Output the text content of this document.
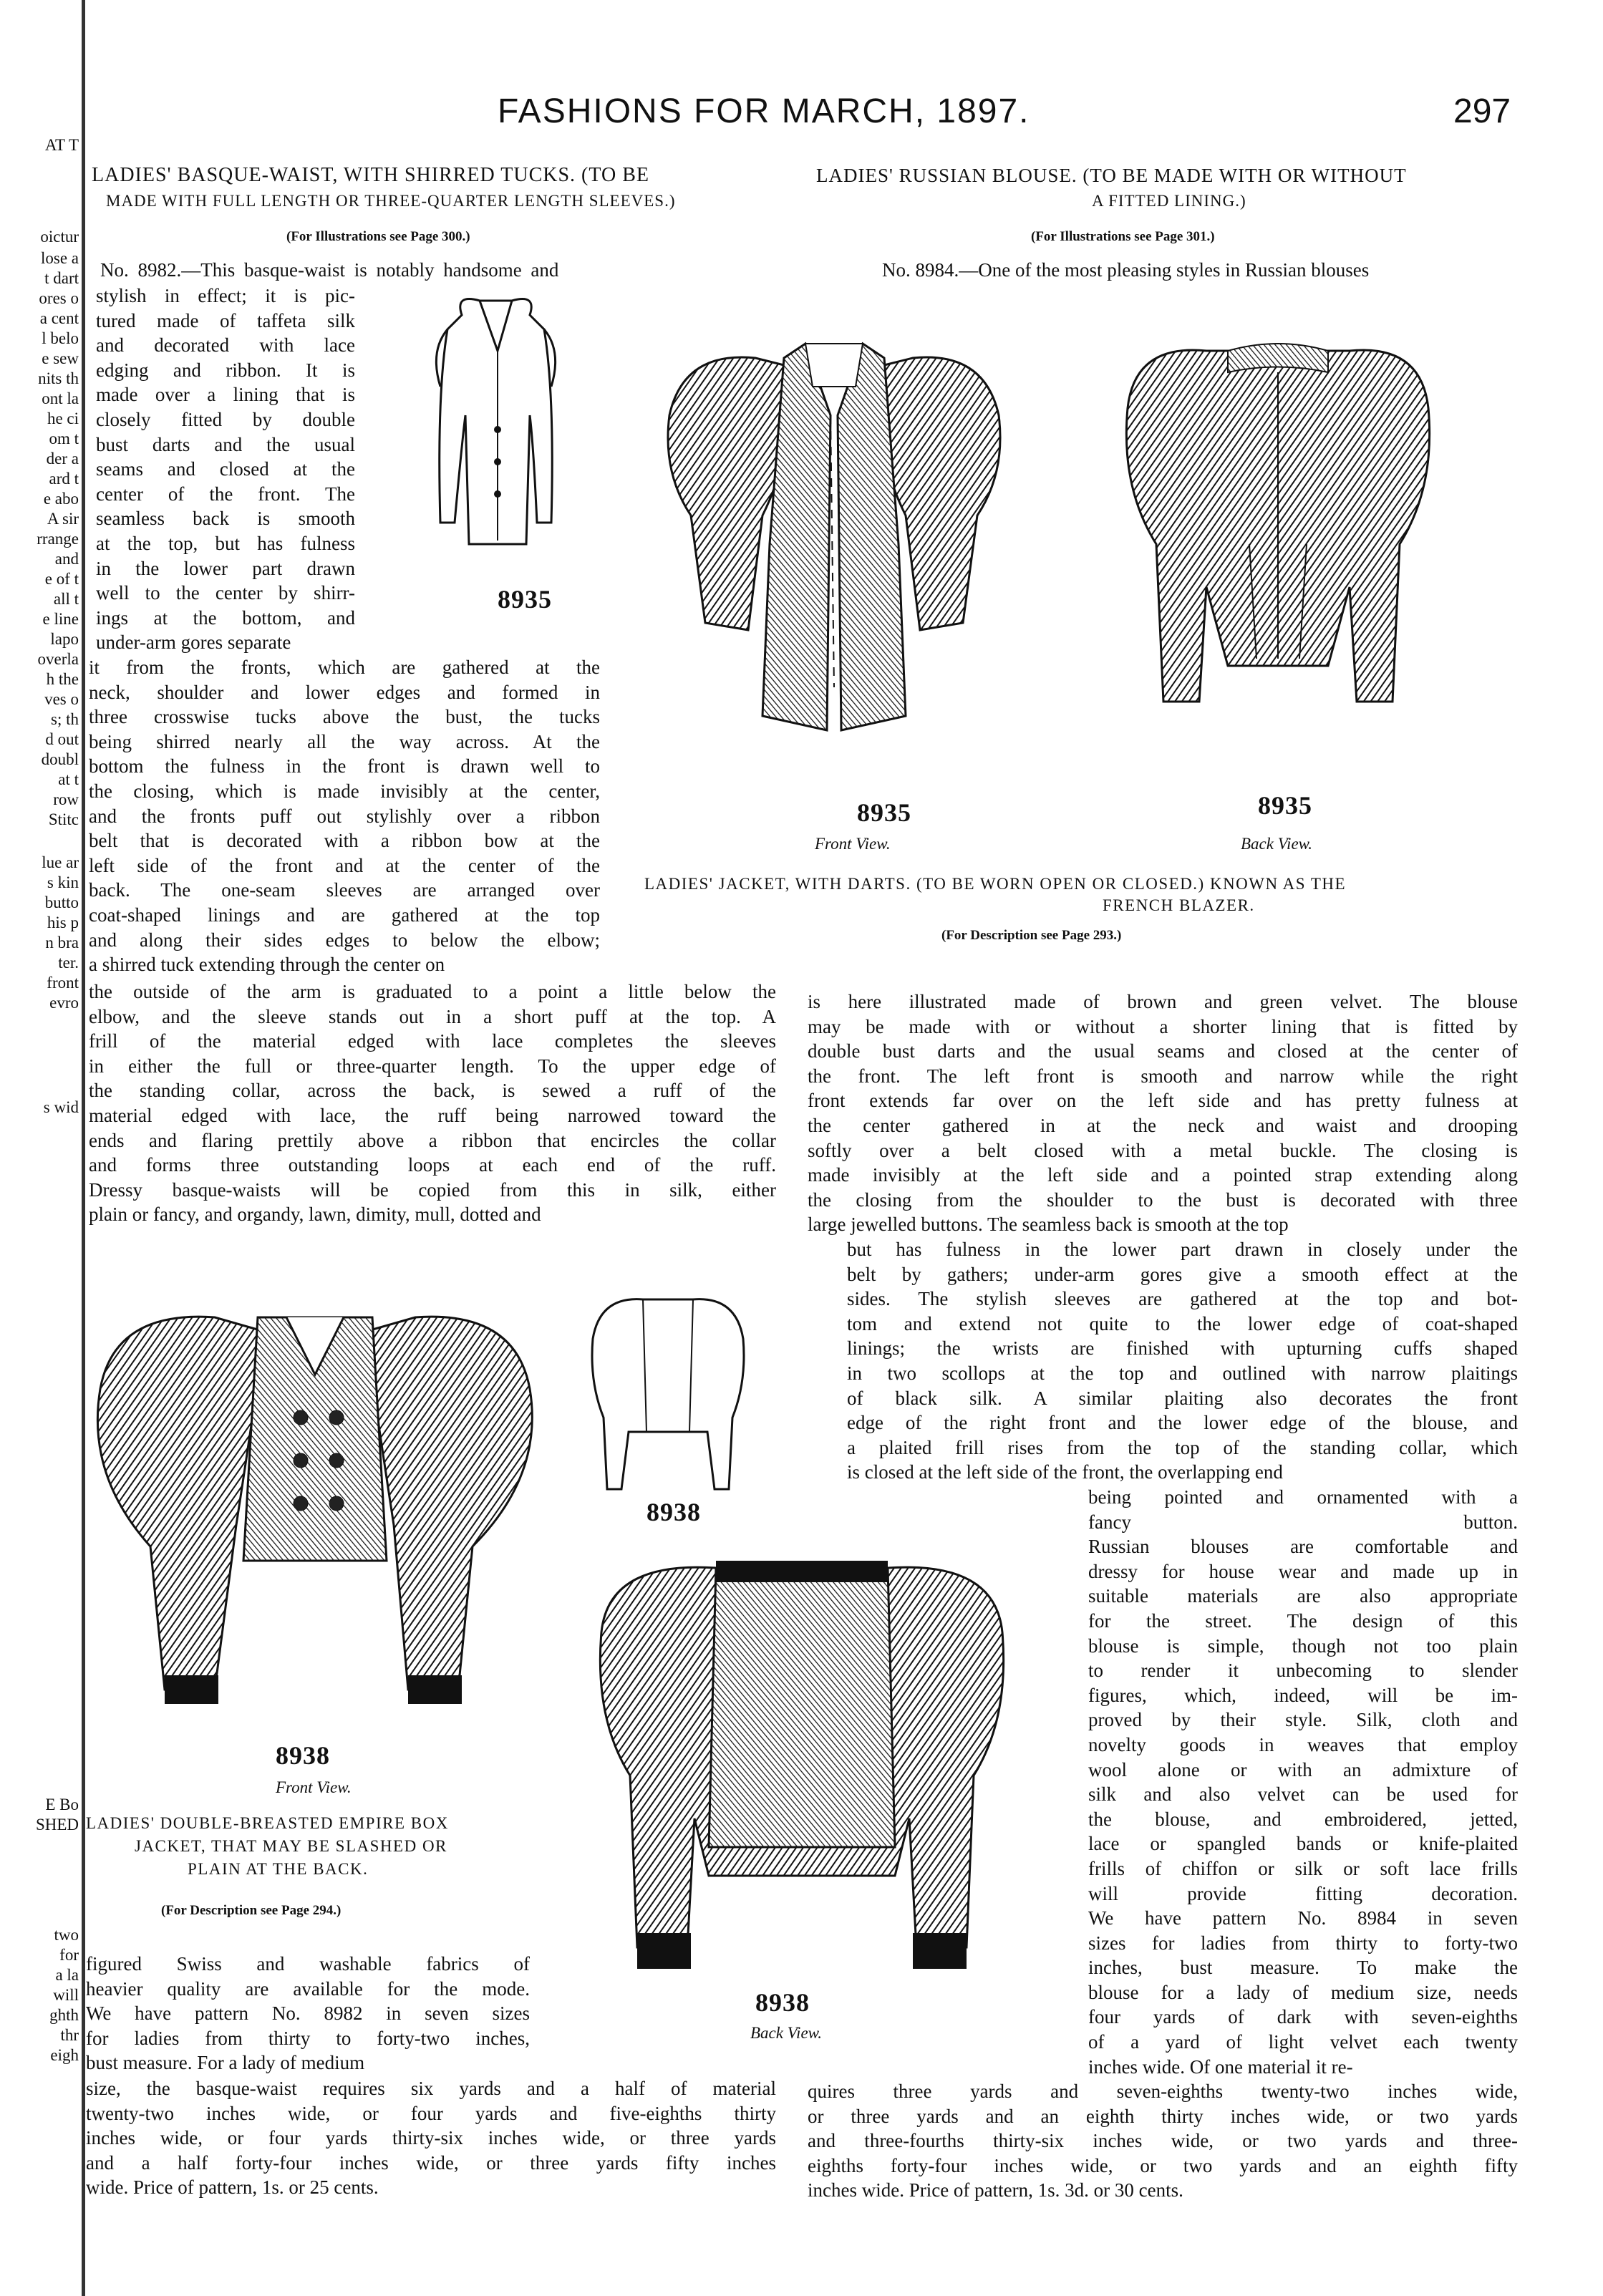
AT T
oictur
lose a
t dart
ores o
a cent
l belo
e sew
nits th
ont la
he ci
om t
der a
ard t
e abo
A sir
rrange
and
e of t
all t
e line
lapo
overla
h the
ves o
s; th
d out
doubl
at t
row
Stitc
lue ar
s kin
butto
his p
n bra
ter.
front
evro
E Bo
SHED
two
for
a la
will
ghth
thr
eigh
s wid
FASHIONS FOR MARCH, 1897.	297
LADIES' BASQUE-WAIST, WITH SHIRRED TUCKS. (TO BE
MADE WITH FULL LENGTH OR THREE-QUARTER LENGTH SLEEVES.)
(For Illustrations see Page 300.)
No. 8982.—This basque-waist is notably handsome and
stylish in effect; it is pic-
tured made of taffeta silk
and decorated with lace
edging and ribbon. It is
made over a lining that is
closely fitted by double
bust darts and the usual
seams and closed at the
center of the front. The
seamless back is smooth
at the top, but has fulness
in the lower part drawn
well to the center by shirr-
ings at the bottom, and
under-arm gores separate
it from the fronts, which are gathered at the
neck, shoulder and lower edges and formed in
three crosswise tucks above the bust, the tucks
being shirred nearly all the way across. At the
bottom the fulness in the front is drawn well to
the closing, which is made invisibly at the center,
and the fronts puff out stylishly over a ribbon
belt that is decorated with a ribbon bow at the
left side of the front and at the center of the
back. The one-seam sleeves are arranged over
coat-shaped linings and are gathered at the top
and along their sides edges to below the elbow;
a shirred tuck extending through the center on
the outside of the arm is graduated to a point a little below the
elbow, and the sleeve stands out in a short puff at the top. A
frill of the material edged with lace completes the sleeves
in either the full or three-quarter length. To the upper edge of
the standing collar, across the back, is sewed a ruff of the
material edged with lace, the ruff being narrowed toward the
ends and flaring prettily above a ribbon that encircles the collar
and forms three outstanding loops at each end of the ruff.
Dressy basque-waists will be copied from this in silk, either
plain or fancy, and organdy, lawn, dimity, mull, dotted and
LADIES' RUSSIAN BLOUSE. (TO BE MADE WITH OR WITHOUT
A FITTED LINING.)
(For Illustrations see Page 301.)
No. 8984.—One of the most pleasing styles in Russian blouses
8935
8935
Front View.
8935
Back View.
LADIES' JACKET, WITH DARTS. (TO BE WORN OPEN OR CLOSED.) KNOWN AS THE
FRENCH BLAZER.
(For Description see Page 293.)
is here illustrated made of brown and green velvet. The blouse
may be made with or without a shorter lining that is fitted by
double bust darts and the usual seams and closed at the center of
the front. The left front is smooth and narrow while the right
front extends far over on the left side and has pretty fulness at
the center gathered in at the neck and waist and drooping
softly over a belt closed with a metal buckle. The closing is
made invisibly at the left side and a pointed strap extending along
the closing from the shoulder to the bust is decorated with three
large jewelled buttons. The seamless back is smooth at the top
but has fulness in the lower part drawn in closely under the
belt by gathers; under-arm gores give a smooth effect at the
sides. The stylish sleeves are gathered at the top and bot-
tom and extend not quite to the lower edge of coat-shaped
linings; the wrists are finished with upturning cuffs shaped
in two scollops at the top and outlined with narrow plaitings
of black silk. A similar plaiting also decorates the front
edge of the right front and the lower edge of the blouse, and
a plaited frill rises from the top of the standing collar, which
is closed at the left side of the front, the overlapping end
being pointed and ornamented with a
fancy button.
Russian blouses are comfortable and
dressy for house wear and made up in
suitable materials are also appropriate
for the street. The design of this
blouse is simple, though not too plain
to render it unbecoming to slender
figures, which, indeed, will be im-
proved by their style. Silk, cloth and
novelty goods in weaves that employ
wool alone or with an admixture of
silk and also velvet can be used for
the blouse, and embroidered, jetted,
lace or spangled bands or knife-plaited
frills of chiffon or silk or soft lace frills
will provide fitting decoration.
We have pattern No. 8984 in seven
sizes for ladies from thirty to forty-two
inches, bust measure. To make the
blouse for a lady of medium size, needs
four yards of dark with seven-eighths
of a yard of light velvet each twenty
inches wide. Of one material it re-
quires three yards and seven-eighths twenty-two inches wide,
or three yards and an eighth thirty inches wide, or two yards
and three-fourths thirty-six inches wide, or two yards and three-
eighths forty-four inches wide, or two yards and an eighth fifty
inches wide. Price of pattern, 1s. 3d. or 30 cents.
8938
Front View.
LADIES' DOUBLE-BREASTED EMPIRE BOX
JACKET, THAT MAY BE SLASHED OR
PLAIN AT THE BACK.
(For Description see Page 294.)
8938
8938
Back View.
figured Swiss and washable fabrics of
heavier quality are available for the mode.
We have pattern No. 8982 in seven sizes
for ladies from thirty to forty-two inches,
bust measure. For a lady of medium
size, the basque-waist requires six yards and a half of material
twenty-two inches wide, or four yards and five-eighths thirty
inches wide, or four yards thirty-six inches wide, or three yards
and a half forty-four inches wide, or three yards fifty inches
wide. Price of pattern, 1s. or 25 cents.
